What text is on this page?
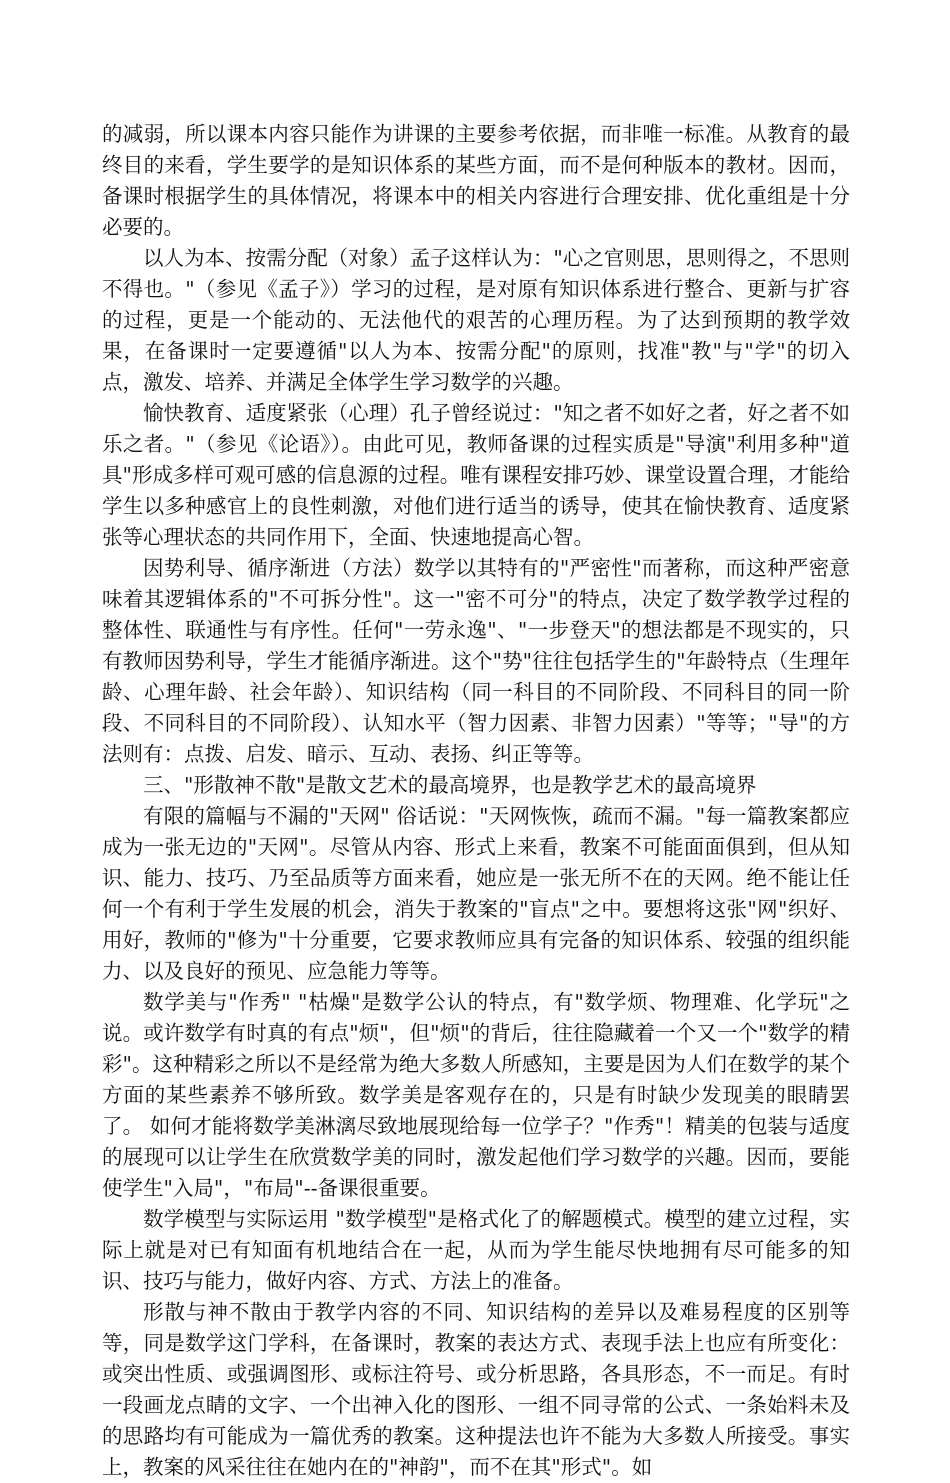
的减弱，所以课本内容只能作为讲课的主要参考依据，而非唯一标准。从教育的最终目的来看，学生要学的是知识体系的某些方面，而不是何种版本的教材。因而，备课时根据学生的具体情况，将课本中的相关内容进行合理安排、优化重组是十分必要的。

以人为本、按需分配（对象）孟子这样认为："心之官则思，思则得之，不思则不得也。"（参见《孟子》）学习的过程，是对原有知识体系进行整合、更新与扩容的过程，更是一个能动的、无法他代的艰苦的心理历程。为了达到预期的教学效果，在备课时一定要遵循"以人为本、按需分配"的原则，找准"教"与"学"的切入点，激发、培养、并满足全体学生学习数学的兴趣。

愉快教育、适度紧张（心理）孔子曾经说过："知之者不如好之者，好之者不如乐之者。"（参见《论语》）。由此可见，教师备课的过程实质是"导演"利用多种"道具"形成多样可观可感的信息源的过程。唯有课程安排巧妙、课堂设置合理，才能给学生以多种感官上的良性刺激，对他们进行适当的诱导，使其在愉快教育、适度紧张等心理状态的共同作用下，全面、快速地提高心智。

因势利导、循序渐进（方法）数学以其特有的"严密性"而著称，而这种严密意味着其逻辑体系的"不可拆分性"。这一"密不可分"的特点，决定了数学教学过程的整体性、联通性与有序性。任何"一劳永逸"、"一步登天"的想法都是不现实的，只有教师因势利导，学生才能循序渐进。这个"势"往往包括学生的"年龄特点（生理年龄、心理年龄、社会年龄）、知识结构（同一科目的不同阶段、不同科目的同一阶段、不同科目的不同阶段）、认知水平（智力因素、非智力因素）"等等；"导"的方法则有：点拨、启发、暗示、互动、表扬、纠正等等。

三、"形散神不散"是散文艺术的最高境界，也是教学艺术的最高境界

有限的篇幅与不漏的"天网" 俗话说："天网恢恢，疏而不漏。"每一篇教案都应成为一张无边的"天网"。尽管从内容、形式上来看，教案不可能面面俱到，但从知识、能力、技巧、乃至品质等方面来看，她应是一张无所不在的天网。绝不能让任何一个有利于学生发展的机会，消失于教案的"盲点"之中。要想将这张"网"织好、用好，教师的"修为"十分重要，它要求教师应具有完备的知识体系、较强的组织能力、以及良好的预见、应急能力等等。

数学美与"作秀" "枯燥"是数学公认的特点，有"数学烦、物理难、化学玩"之说。或许数学有时真的有点"烦"，但"烦"的背后，往往隐藏着一个又一个"数学的精彩"。这种精彩之所以不是经常为绝大多数人所感知，主要是因为人们在数学的某个方面的某些素养不够所致。数学美是客观存在的，只是有时缺少发现美的眼睛罢了。 如何才能将数学美淋漓尽致地展现给每一位学子？"作秀"！精美的包装与适度的展现可以让学生在欣赏数学美的同时，激发起他们学习数学的兴趣。因而，要能使学生"入局"，"布局"--备课很重要。

数学模型与实际运用 "数学模型"是格式化了的解题模式。模型的建立过程，实际上就是对已有知面有机地结合在一起，从而为学生能尽快地拥有尽可能多的知识、技巧与能力，做好内容、方式、方法上的准备。

形散与神不散由于教学内容的不同、知识结构的差异以及难易程度的区别等等，同是数学这门学科，在备课时，教案的表达方式、表现手法上也应有所变化：或突出性质、或强调图形、或标注符号、或分析思路，各具形态，不一而足。有时一段画龙点睛的文字、一个出神入化的图形、一组不同寻常的公式、一条始料未及的思路均有可能成为一篇优秀的教案。这种提法也许不能为大多数人所接受。事实上，教案的风采往往在她内在的"神韵"，而不在其"形式"。如
